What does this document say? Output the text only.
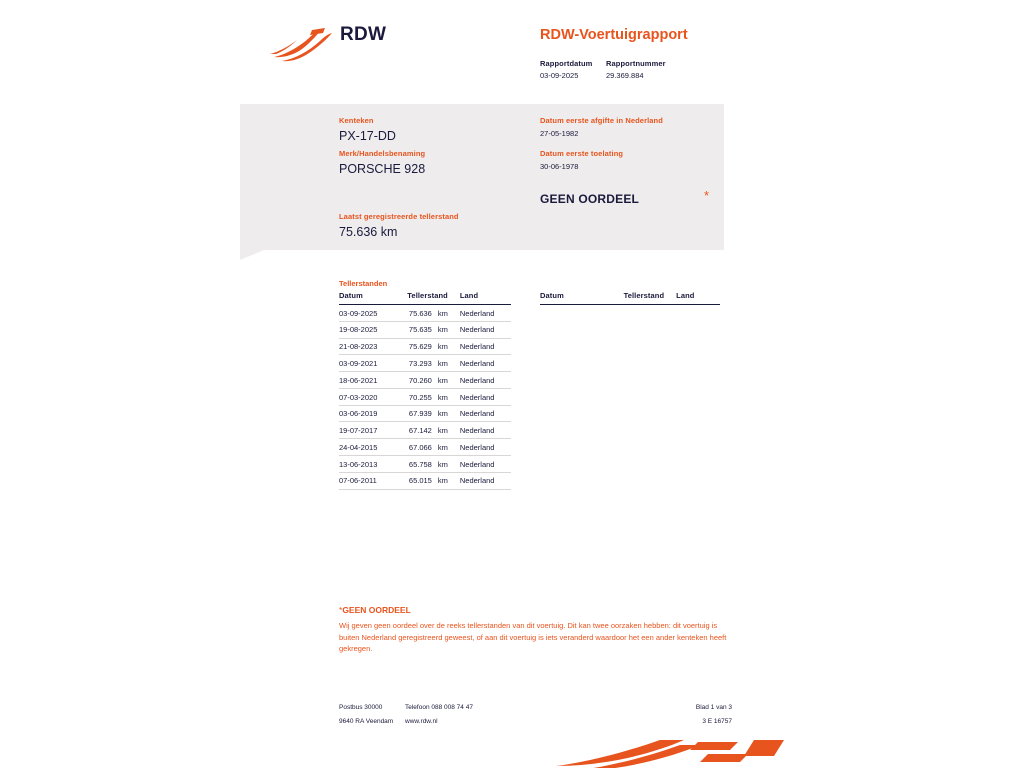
RDW	RDW-Voertuigrapport
Rapportdatum
03-09-2025
Rapportnummer
29.369.884
Kenteken
PX-17-DD
Merk/Handelsbenaming
PORSCHE 928
Laatst geregistreerde tellerstand
75.636 km
Datum eerste afgifte in Nederland
27-05-1982
Datum eerste toelating
30-06-1978
GEEN OORDEEL	*
Tellerstanden
Datum	Tellerstand	Land
03-09-2025	75.636 km	Nederland
19-08-2025	75.635 km	Nederland
21-08-2023	75.629 km	Nederland
03-09-2021	73.293 km	Nederland
18-06-2021	70.260 km	Nederland
07-03-2020	70.255 km	Nederland
03-06-2019	67.939 km	Nederland
19-07-2017	67.142 km	Nederland
24-04-2015	67.066 km	Nederland
13-06-2013	65.758 km	Nederland
07-06-2011	65.015 km	Nederland
Datum	Tellerstand	Land
*GEEN OORDEEL
Wij geven geen oordeel over de reeks tellerstanden van dit voertuig. Dit kan twee oorzaken hebben: dit voertuig is buiten Nederland geregistreerd geweest, of aan dit voertuig is iets veranderd waardoor het een ander kenteken heeft gekregen.
Postbus 30000
9640 RA Veendam
Telefoon 088 008 74 47
www.rdw.nl
Blad 1 van 3
3 E 16757
